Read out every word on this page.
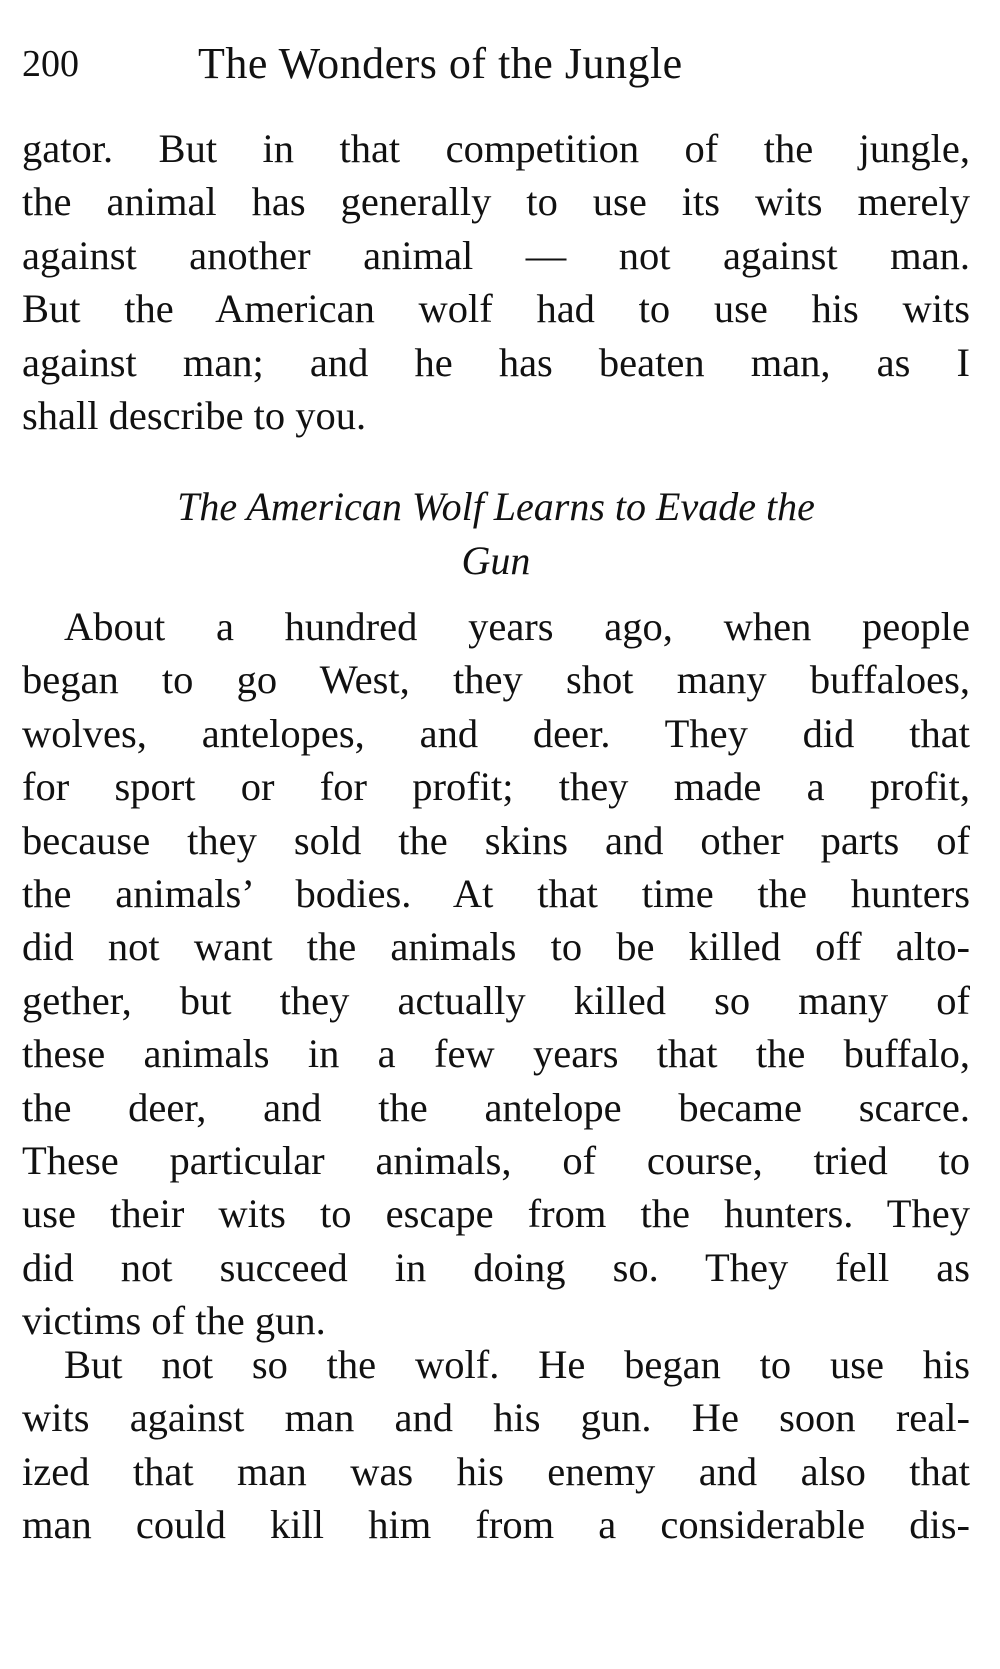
200	The Wonders of the Jungle
gator. But in that competition of the jungle,
the animal has generally to use its wits merely
against another animal — not against man.
But the American wolf had to use his wits
against man; and he has beaten man, as I
shall describe to you.
The American Wolf Learns to Evade the
Gun
About a hundred years ago, when people
began to go West, they shot many buffaloes,
wolves, antelopes, and deer. They did that
for sport or for profit; they made a profit,
because they sold the skins and other parts of
the animals’ bodies. At that time the hunters
did not want the animals to be killed off alto-
gether, but they actually killed so many of
these animals in a few years that the buffalo,
the deer, and the antelope became scarce.
These particular animals, of course, tried to
use their wits to escape from the hunters. They
did not succeed in doing so. They fell as
victims of the gun.
But not so the wolf. He began to use his
wits against man and his gun. He soon real-
ized that man was his enemy and also that
man could kill him from a considerable dis-
